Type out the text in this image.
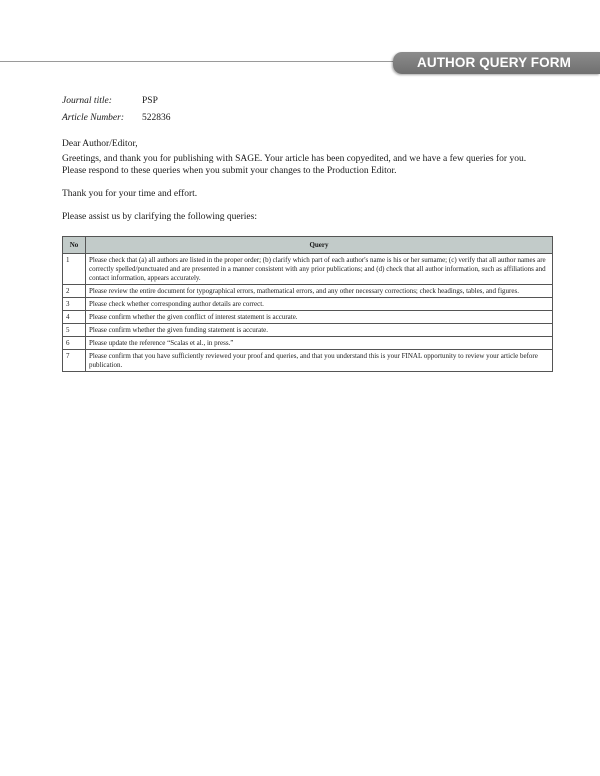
AUTHOR QUERY FORM
Journal title:	PSP
Article Number: 522836
Dear Author/Editor,
Greetings, and thank you for publishing with SAGE. Your article has been copyedited, and we have a few queries for you. Please respond to these queries when you submit your changes to the Production Editor.
Thank you for your time and effort.
Please assist us by clarifying the following queries:
No	Query
1	Please check that (a) all authors are listed in the proper order; (b) clarify which part of each author's name is his or her surname; (c) verify that all author names are correctly spelled/punctuated and are presented in a manner consistent with any prior publications; and (d) check that all author information, such as affiliations and contact information, appears accurately.
2	Please review the entire document for typographical errors, mathematical errors, and any other necessary corrections; check headings, tables, and figures.
3	Please check whether corresponding author details are correct.
4	Please confirm whether the given conflict of interest statement is accurate.
5	Please confirm whether the given funding statement is accurate.
6	Please update the reference “Scalas et al., in press.”
7	Please confirm that you have sufficiently reviewed your proof and queries, and that you understand this is your FINAL opportunity to review your article before publication.
